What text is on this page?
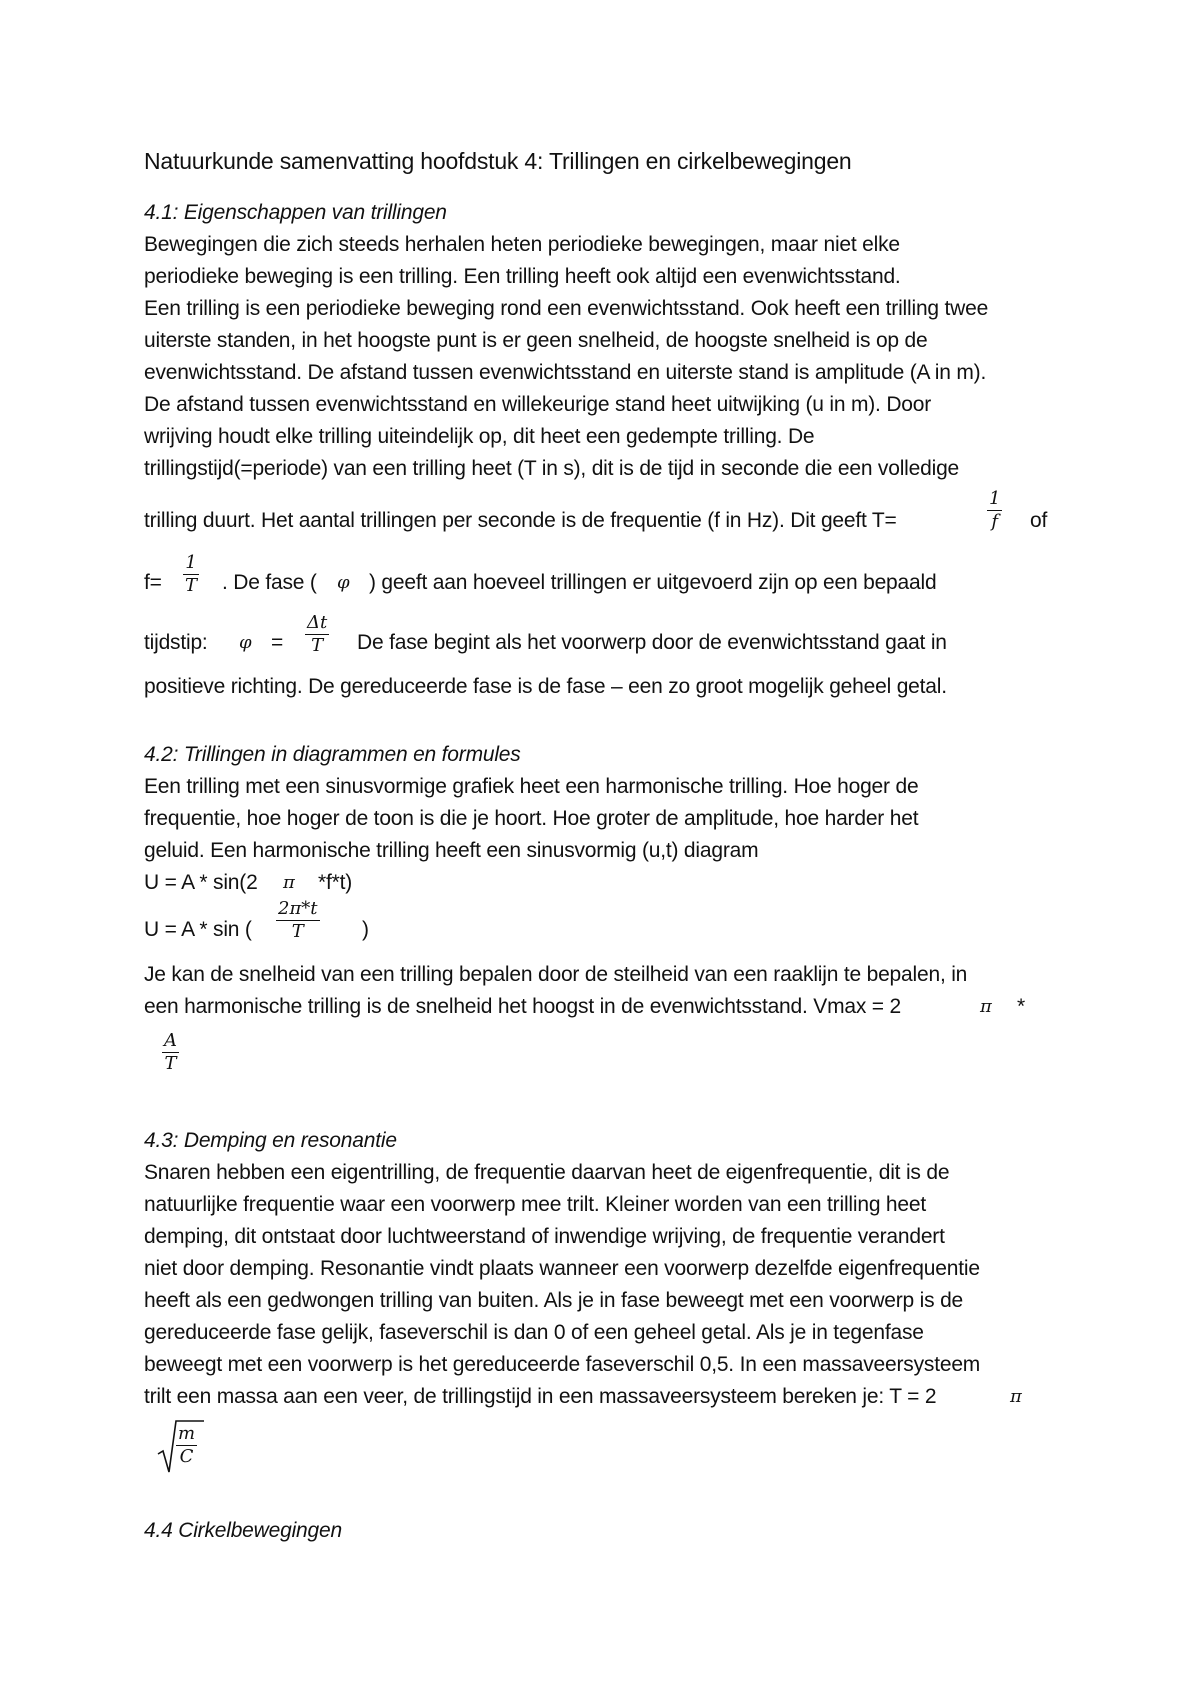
Natuurkunde samenvatting hoofdstuk 4: Trillingen en cirkelbewegingen
4.1: Eigenschappen van trillingen
Bewegingen die zich steeds herhalen heten periodieke bewegingen, maar niet elke
periodieke beweging is een trilling. Een trilling heeft ook altijd een evenwichtsstand.
Een trilling is een periodieke beweging rond een evenwichtsstand. Ook heeft een trilling twee
uiterste standen, in het hoogste punt is er geen snelheid, de hoogste snelheid is op de
evenwichtsstand. De afstand tussen evenwichtsstand en uiterste stand is amplitude (A in m).
De afstand tussen evenwichtsstand en willekeurige stand heet uitwijking (u in m). Door
wrijving houdt elke trilling uiteindelijk op, dit heet een gedempte trilling. De
trillingstijd(=periode) van een trilling heet (T in s), dit is de tijd in seconde die een volledige
trilling duurt. Het aantal trillingen per seconde is de frequentie (f in Hz). Dit geeft T=	$\frac{1}{f}$ of
$f= \frac{1}{T}$ . De fase ( φ ) geeft aan hoeveel trillingen er uitgevoerd zijn op een bepaald
tijdstip: $\varphi = \frac{\Delta t}{T}$ De fase begint als het voorwerp door de evenwichtsstand gaat in
positieve richting. De gereduceerde fase is de fase – een zo groot mogelijk geheel getal.
4.2: Trillingen in diagrammen en formules
Een trilling met een sinusvormige grafiek heet een harmonische trilling. Hoe hoger de
frequentie, hoe hoger de toon is die je hoort. Hoe groter de amplitude, hoe harder het
geluid. Een harmonische trilling heeft een sinusvormig (u,t) diagram
U = A * sin(2 π *f*t)
U = A * sin ( $\frac{2\pi*t}{T}$ )
Je kan de snelheid van een trilling bepalen door de steilheid van een raaklijn te bepalen, in
een harmonische trilling is de snelheid het hoogst in de evenwichtsstand. Vmax = 2	π *
$\frac{A}{T}$
4.3: Demping en resonantie
Snaren hebben een eigentrilling, de frequentie daarvan heet de eigenfrequentie, dit is de
natuurlijke frequentie waar een voorwerp mee trilt. Kleiner worden van een trilling heet
demping, dit ontstaat door luchtweerstand of inwendige wrijving, de frequentie verandert
niet door demping. Resonantie vindt plaats wanneer een voorwerp dezelfde eigenfrequentie
heeft als een gedwongen trilling van buiten. Als je in fase beweegt met een voorwerp is de
gereduceerde fase gelijk, faseverschil is dan 0 of een geheel getal. Als je in tegenfase
beweegt met een voorwerp is het gereduceerde faseverschil 0,5. In een massaveersysteem
trilt een massa aan een veer, de trillingstijd in een massaveersysteem bereken je: T = 2	π
$\frac{m}{C}$
4.4 Cirkelbewegingen
